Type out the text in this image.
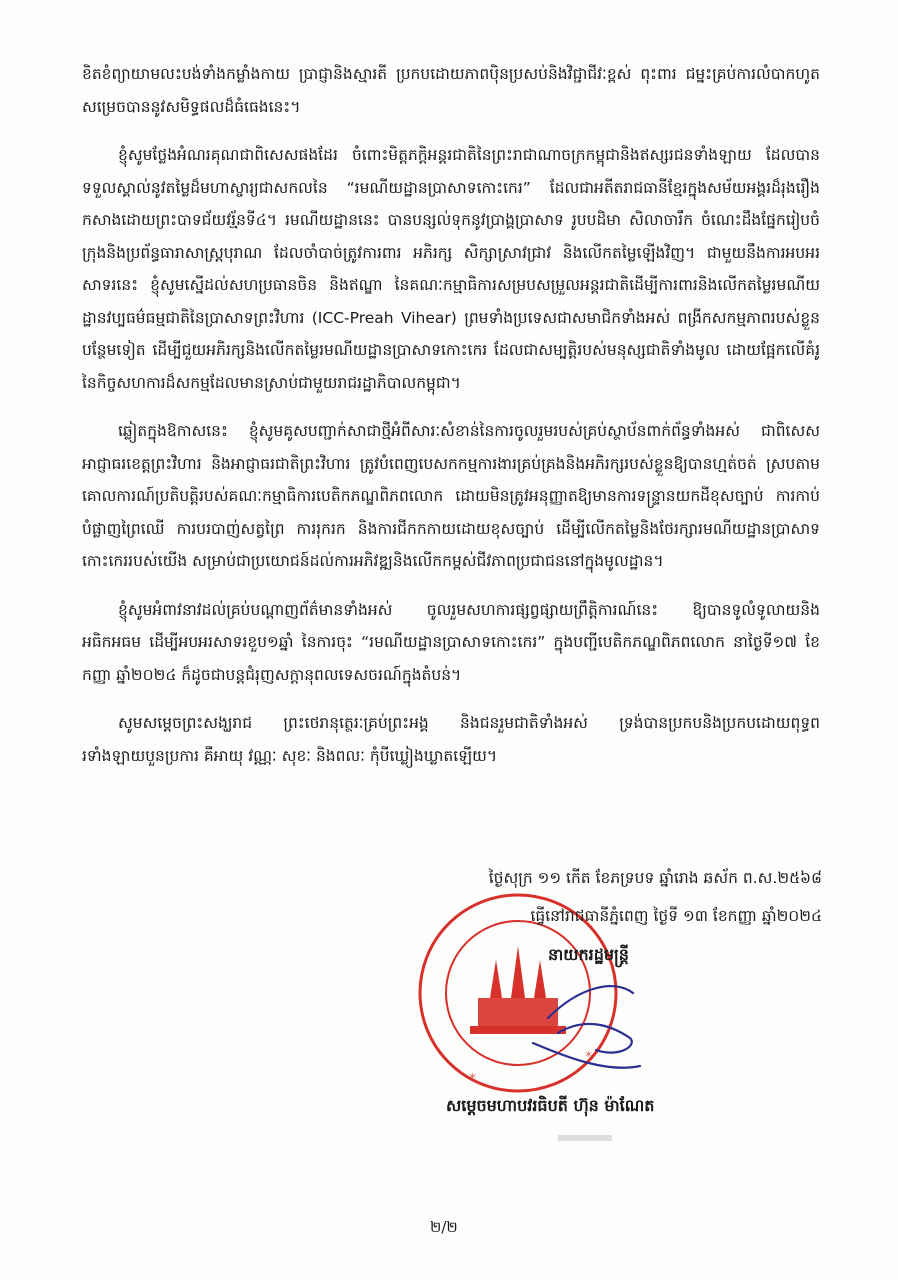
ខិតខំព្យាយាមលះបង់ទាំងកម្លាំងកាយ ប្រាជ្ញានិងស្មារតី ប្រកបដោយភាពប៉ិនប្រសប់និងវិជ្ជាជីវៈខ្ពស់ ពុះពារ ជម្នះគ្រប់ការលំបាកហូតសម្រេចបាននូវសមិទ្ធផលដ៏ធំធេងនេះ។

ខ្ញុំសូមថ្លែងអំណរគុណជាពិសេសផងដែរ ចំពោះមិត្តភក្តិអន្តរជាតិនៃព្រះរាជាណាចក្រកម្ពុជានិងឥស្សរជនទាំងឡាយ ដែលបានទទួលស្គាល់នូវតម្លៃដ៏មហាស្ចារ្យជាសកលនៃ “រមណីយដ្ឋានប្រាសាទកោះកេរ” ដែលជាអតីតរាជធានីខ្មែរក្នុងសម័យអង្គរដ៏រុងរឿង កសាងដោយព្រះបាទជ័យវរ្ម័នទី៤។ រមណីយដ្ឋាននេះ បានបន្សល់ទុកនូវប្រាង្គប្រាសាទ រូបបដិមា សិលាចារឹក ចំណេះដឹងផ្នែករៀបចំក្រុងនិងប្រព័ន្ធធារាសាស្ត្របុរាណ ដែលចាំបាច់ត្រូវការពារ អភិរក្ស សិក្សាស្រាវជ្រាវ និងលើកតម្លៃឡើងវិញ។ ជាមួយនឹងការអបអរសាទរនេះ ខ្ញុំសូមស្នើដល់សហប្រធានចិន និងឥណ្ឌា នៃគណៈកម្មាធិការសម្របសម្រួលអន្តរជាតិដើម្បីការពារនិងលើកតម្លៃរមណីយដ្ឋានវប្បធម៌ធម្មជាតិនៃប្រាសាទព្រះវិហារ (ICC-Preah Vihear) ព្រមទាំងប្រទេសជាសមាជិកទាំងអស់ ពង្រីកសកម្មភាពរបស់ខ្លួនបន្ថែមទៀត ដើម្បីជួយអភិរក្សនិងលើកតម្លៃរមណីយដ្ឋានប្រាសាទកោះកេរ ដែលជាសម្បត្តិរបស់មនុស្សជាតិទាំងមូល ដោយផ្អែកលើគំរូនៃកិច្ចសហការដ៏សកម្មដែលមានស្រាប់ជាមួយរាជរដ្ឋាភិបាលកម្ពុជា។

ឆ្លៀតក្នុងឱកាសនេះ ខ្ញុំសូមគូសបញ្ជាក់សាជាថ្មីអំពីសារៈសំខាន់នៃការចូលរួមរបស់គ្រប់ស្ថាប័នពាក់ព័ន្ធទាំងអស់ ជាពិសេសអាជ្ញាធរខេត្តព្រះវិហារ និងអាជ្ញាធរជាតិព្រះវិហារ ត្រូវបំពេញបេសកកម្មការងារគ្រប់គ្រងនិងអភិរក្សរបស់ខ្លួនឱ្យបានហ្មត់ចត់ ស្របតាមគោលការណ៍ប្រតិបត្តិរបស់គណៈកម្មាធិការបេតិកភណ្ឌពិភពលោក ដោយមិនត្រូវអនុញ្ញាតឱ្យមានការទន្ទ្រានយកដីខុសច្បាប់ ការកាប់បំផ្លាញព្រៃឈើ ការបរបាញ់សត្វព្រៃ ការរុករក និងការជីកកកាយដោយខុសច្បាប់ ដើម្បីលើកតម្លៃនិងថែរក្សារមណីយដ្ឋានប្រាសាទកោះកេររបស់យើង សម្រាប់ជាប្រយោជន៍ដល់ការអភិវឌ្ឍនិងលើកកម្ពស់ជីវភាពប្រជាជននៅក្នុងមូលដ្ឋាន។

ខ្ញុំសូមអំពាវនាវដល់គ្រប់បណ្ដាញព័ត៌មានទាំងអស់ ចូលរួមសហការផ្សព្វផ្សាយព្រឹត្តិការណ៍នេះ ឱ្យបានទូលំទូលាយនិងអធិកអធម ដើម្បីអបអរសាទរខួប១ឆ្នាំ នៃការចុះ “រមណីយដ្ឋានប្រាសាទកោះកេរ” ក្នុងបញ្ជីបេតិកភណ្ឌពិភពលោក នាថ្ងៃទី១៧ ខែកញ្ញា ឆ្នាំ២០២៤ ក៏ដូចជាបន្តជំរុញសក្ដានុពលទេសចរណ៍ក្នុងតំបន់។

សូមសម្ដេចព្រះសង្ឃរាជ ព្រះថេរានុត្ថេរៈគ្រប់ព្រះអង្គ និងជនរួមជាតិទាំងអស់ ទ្រង់បានប្រកបនិងប្រកបដោយពុទ្ធពរទាំងឡាយបួនប្រការ គឺអាយុ វណ្ណៈ សុខៈ និងពលៈ កុំបីឃ្លៀងឃ្លាតឡើយ។

✶
✶
ថ្ងៃសុក្រ ១១ កើត ខែភទ្របទ ឆ្នាំរោង ឆស័ក ព.ស.២៥៦៨
ធ្វើនៅរាជធានីភ្នំពេញ ថ្ងៃទី ១៣ ខែកញ្ញា ឆ្នាំ២០២៤
នាយករដ្ឋមន្ត្រី
សម្ដេចមហាបវរធិបតី ហ៊ុន ម៉ាណែត
២/២
